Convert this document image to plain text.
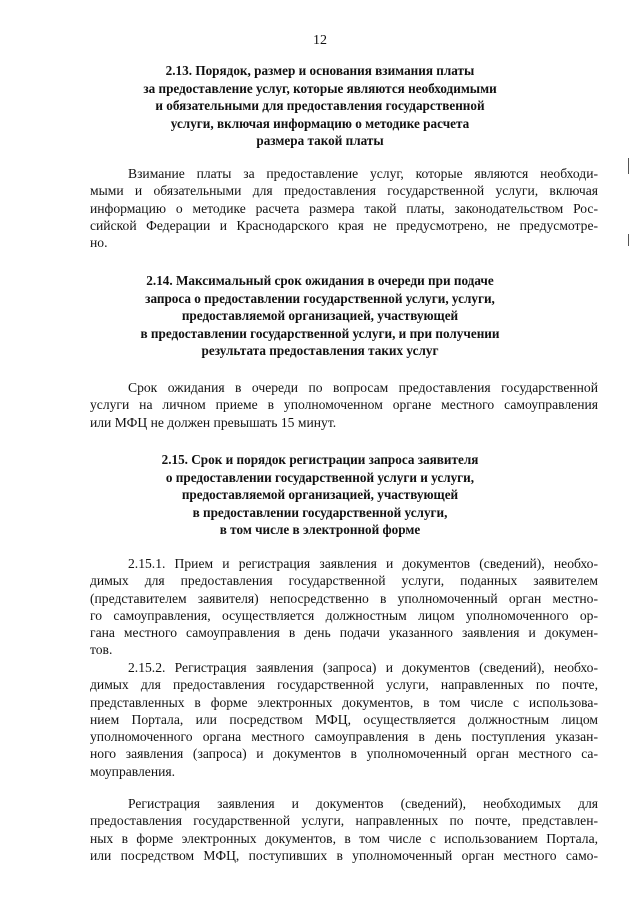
12
2.13. Порядок, размер и основания взимания платы
за предоставление услуг, которые являются необходимыми
и обязательными для предоставления государственной
услуги, включая информацию о методике расчета
размера такой платы
Взимание платы за предоставление услуг, которые являются необходи-
мыми и обязательными для предоставления государственной услуги, включая
информацию о методике расчета размера такой платы, законодательством Рос-
сийской Федерации и Краснодарского края не предусмотрено, не предусмотре-
но.
2.14. Максимальный срок ожидания в очереди при подаче
запроса о предоставлении государственной услуги, услуги,
предоставляемой организацией, участвующей
в предоставлении государственной услуги, и при получении
результата предоставления таких услуг
Срок ожидания в очереди по вопросам предоставления государственной
услуги на личном приеме в уполномоченном органе местного самоуправления
или МФЦ не должен превышать 15 минут.
2.15. Срок и порядок регистрации запроса заявителя
о предоставлении государственной услуги и услуги,
предоставляемой организацией, участвующей
в предоставлении государственной услуги,
в том числе в электронной форме
2.15.1. Прием и регистрация заявления и документов (сведений), необхо-
димых для предоставления государственной услуги, поданных заявителем
(представителем заявителя) непосредственно в уполномоченный орган местно-
го самоуправления, осуществляется должностным лицом уполномоченного ор-
гана местного самоуправления в день подачи указанного заявления и докумен-
тов.
2.15.2. Регистрация заявления (запроса) и документов (сведений), необхо-
димых для предоставления государственной услуги, направленных по почте,
представленных в форме электронных документов, в том числе с использова-
нием Портала, или посредством МФЦ, осуществляется должностным лицом
уполномоченного органа местного самоуправления в день поступления указан-
ного заявления (запроса) и документов в уполномоченный орган местного са-
моуправления.
Регистрация заявления и документов (сведений), необходимых для
предоставления государственной услуги, направленных по почте, представлен-
ных в форме электронных документов, в том числе с использованием Портала,
или посредством МФЦ, поступивших в уполномоченный орган местного само-
